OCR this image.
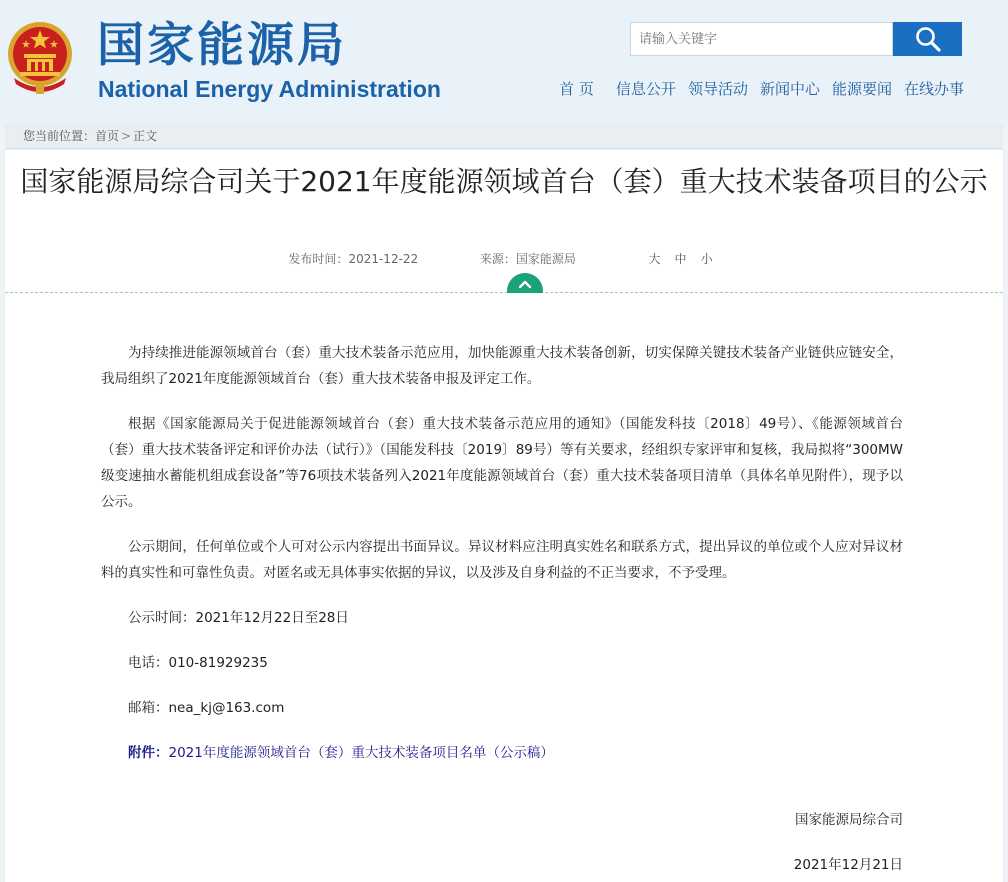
国家能源局
National Energy Administration
请输入关键字	首 页 信息公开 领导活动 新闻中心 能源要闻 在线办事
您当前位置：首页 > 正文
国家能源局综合司关于2021年度能源领域首台（套）重大技术装备项目的公示
发布时间：2021-12-22	来源：国家能源局	大 中 小

为持续推进能源领域首台（套）重大技术装备示范应用，加快能源重大技术装备创新，切实保障关键技术装备产业链供应链安全，我局组织了2021年度能源领域首台（套）重大技术装备申报及评定工作。

根据《国家能源局关于促进能源领域首台（套）重大技术装备示范应用的通知》（国能发科技〔2018〕49号）、《能源领域首台（套）重大技术装备评定和评价办法（试行）》（国能发科技〔2019〕89号）等有关要求，经组织专家评审和复核，我局拟将“300MW级变速抽水蓄能机组成套设备”等76项技术装备列入2021年度能源领域首台（套）重大技术装备项目清单（具体名单见附件），现予以公示。

公示期间，任何单位或个人可对公示内容提出书面异议。异议材料应注明真实姓名和联系方式，提出异议的单位或个人应对异议材料的真实性和可靠性负责。对匿名或无具体事实依据的异议，以及涉及自身利益的不正当要求，不予受理。

公示时间：2021年12月22日至28日

电话：010-81929235

邮箱：nea_kj@163.com

附件：2021年度能源领域首台（套）重大技术装备项目名单（公示稿）

国家能源局综合司
2021年12月21日
